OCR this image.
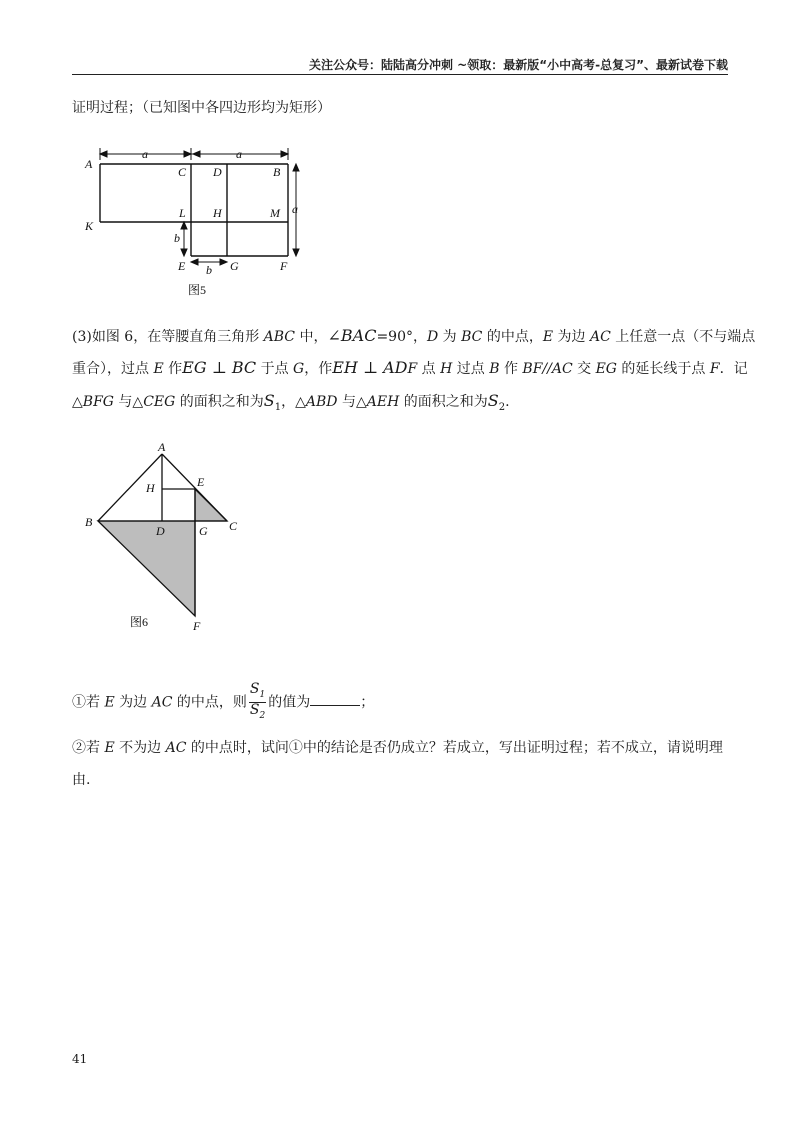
关注公众号：陆陆高分冲刺 ~领取：最新版“小中高考-总复习”、最新试卷下载
证明过程；（已知图中各四边形均为矩形）
A
C D	B
K
L H	M
E	G	F
a	a
a
b
b
图5
(3)如图 6，在等腰直角三角形 ABC 中，∠BAC=90°，D 为 BC 的中点，E 为边 AC 上任意一点（不与端点
重合），过点 E 作EG ⊥ BC 于点 G，作EH ⊥ ADF 点 H 过点 B 作 BF//AC 交 EG 的延长线于点 F．记
△BFG 与△CEG 的面积之和为$S_1$，△ABD 与△AEH 的面积之和为$S_2$.
A
H	E
B
D	G C
F
图6
①若 E 为边 AC 的中点，则 $\frac{S_1}{S_2}$ 的值为	；
②若 E 不为边 AC 的中点时，试问①中的结论是否仍成立？若成立，写出证明过程；若不成立，请说明理
由.
41
